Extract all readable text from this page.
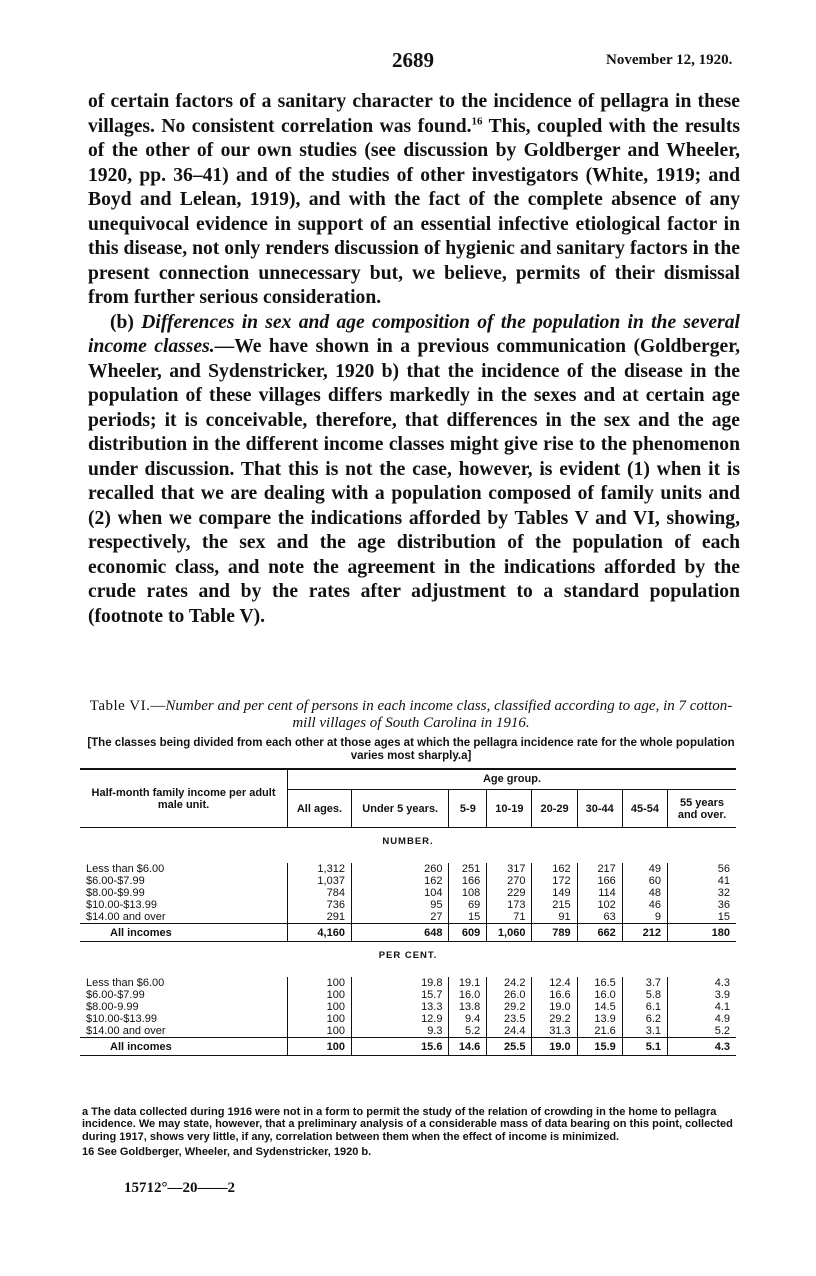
2689	November 12, 1920.

of certain factors of a sanitary character to the incidence of pellagra in these villages. No consistent correlation was found.$^{16}$ This, coupled with the results of the other of our own studies (see discussion by Goldberger and Wheeler, 1920, pp. 36–41) and of the studies of other investigators (White, 1919; and Boyd and Lelean, 1919), and with the fact of the complete absence of any unequivocal evidence in support of an essential infective etiological factor in this disease, not only renders discussion of hygienic and sanitary factors in the present connection unnecessary but, we believe, permits of their dismissal from further serious consideration.

(b) Differences in sex and age composition of the population in the several income classes.—We have shown in a previous communication (Goldberger, Wheeler, and Sydenstricker, 1920 b) that the incidence of the disease in the population of these villages differs markedly in the sexes and at certain age periods; it is conceivable, therefore, that differences in the sex and the age distribution in the different income classes might give rise to the phenomenon under discussion. That this is not the case, however, is evident (1) when it is recalled that we are dealing with a population composed of family units and (2) when we compare the indications afforded by Tables V and VI, showing, respectively, the sex and the age distribution of the population of each economic class, and note the agreement in the indications afforded by the crude rates and by the rates after adjustment to a standard population (footnote to Table V).

Table VI.—Number and per cent of persons in each income class, classified according to age, in 7 cotton-mill villages of South Carolina in 1916.
[The classes being divided from each other at those ages at which the pellagra incidence rate for the whole population varies most sharply.a]
Half-month family income per adult male unit.	Age group.							
	All ages.	Under 5 years.	5-9	10-19	20-29	30-44	45-54	55 years and over.
NUMBER.								
Less than $6.00	1,312	260	251	317	162	217	49	56
$6.00-$7.99	1,037	162	166	270	172	166	60	41
$8.00-$9.99	784	104	108	229	149	114	48	32
$10.00-$13.99	736	95	69	173	215	102	46	36
$14.00 and over	291	27	15	71	91	63	9	15
All incomes	4,160	648	609	1,060	789	662	212	180
PER CENT.								
Less than $6.00	100	19.8	19.1	24.2	12.4	16.5	3.7	4.3
$6.00-$7.99	100	15.7	16.0	26.0	16.6	16.0	5.8	3.9
$8.00-9.99	100	13.3	13.8	29.2	19.0	14.5	6.1	4.1
$10.00-$13.99	100	12.9	9.4	23.5	29.2	13.9	6.2	4.9
$14.00 and over	100	9.3	5.2	24.4	31.3	21.6	3.1	5.2
All incomes	100	15.6	14.6	25.5	19.0	15.9	5.1	4.3

a The data collected during 1916 were not in a form to permit the study of the relation of crowding in the home to pellagra incidence. We may state, however, that a preliminary analysis of a considerable mass of data bearing on this point, collected during 1917, shows very little, if any, correlation between them when the effect of income is minimized.

16 See Goldberger, Wheeler, and Sydenstricker, 1920 b.

15712°—20——2
